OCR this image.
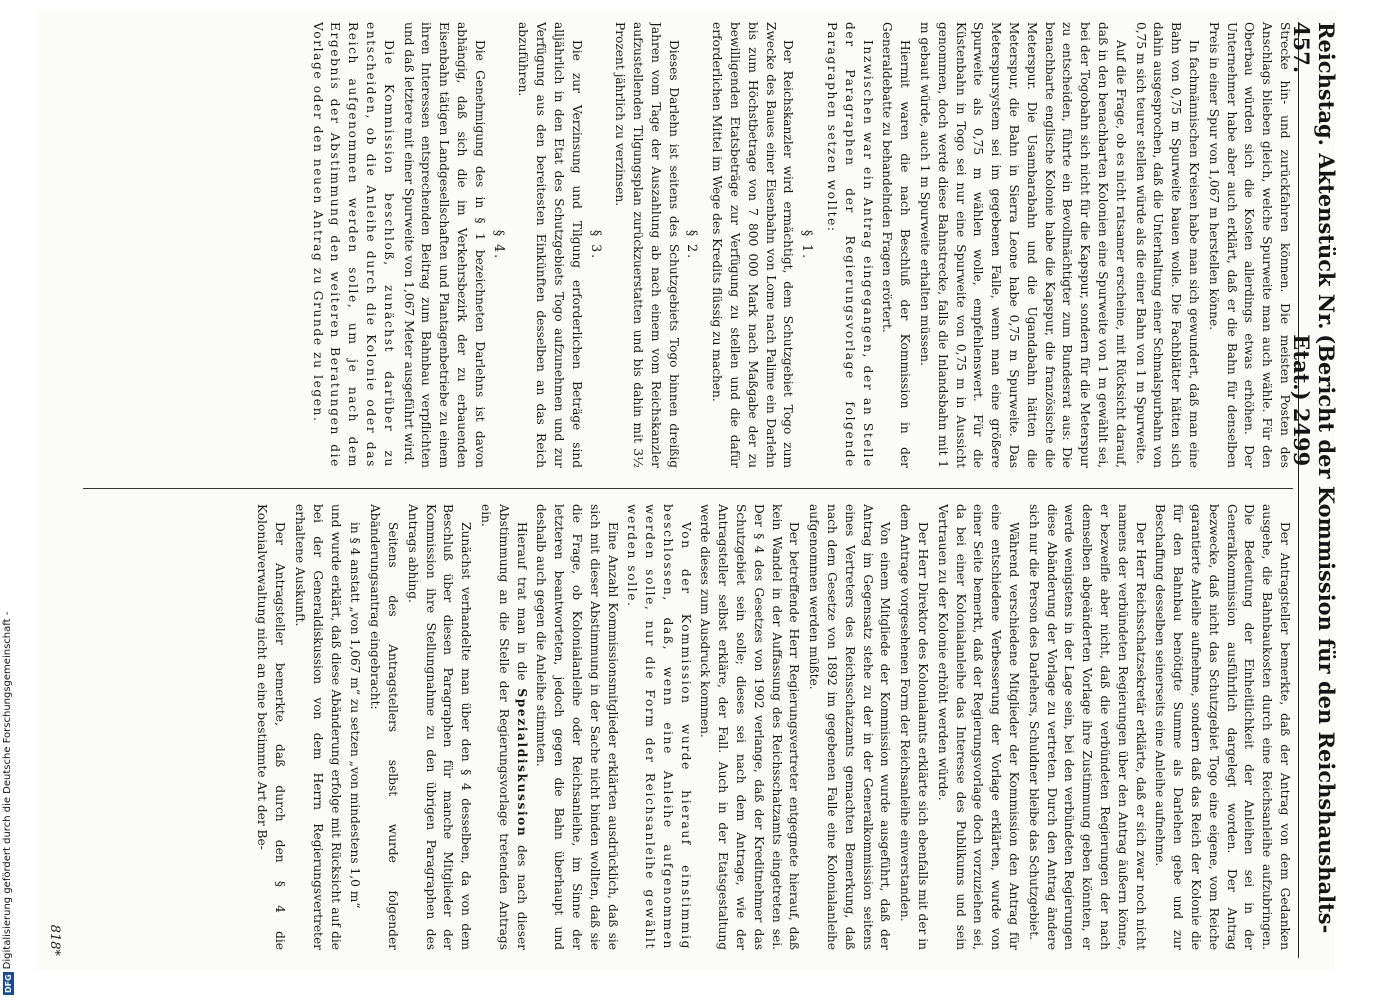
DFG
Digitalisierung gefördert durch die Deutsche Forschungsgemeinschaft -
Reichstag. Aktenstück Nr. 457.
(Bericht der Kommission für den Reichshaushalts-Etat.) 2499

Strecke hin- und zurückfahren können. Die meisten Posten des Anschlags blieben gleich, welche Spurweite man auch wähle. Für den Oberbau würden sich die Kosten allerdings etwas erhöhen. Der Unternehmer habe aber auch erklärt, daß er die Bahn für denselben Preis in einer Spur von 1,067 m herstellen könne.

In fachmännischen Kreisen habe man sich gewundert, daß man eine Bahn von 0,75 m Spurweite bauen wolle. Die Fachblätter hätten sich dahin ausgesprochen, daß die Unterhaltung einer Schmalspurbahn von 0,75 m sich teurer stellen würde als die einer Bahn von 1 m Spurweite.

Auf die Frage, ob es nicht ratsamer erscheine, mit Rücksicht darauf, daß in den benachbarten Kolonien eine Spurweite von 1 m gewählt sei, bei der Togobahn sich nicht für die Kapspur, sondern für die Meterspur zu entscheiden, führte ein Bevollmächtigter zum Bundesrat aus: Die benachbarte englische Kolonie habe die Kapspur, die französische die Meterspur. Die Usambarabahn und die Ugandabahn hätten die Meterspur, die Bahn in Sierra Leone habe 0,75 m Spurweite. Das Meterspursystem sei im gegebenen Falle, wenn man eine größere Spurweite als 0,75 m wählen wolle, empfehlenswert. Für die Küstenbahn in Togo sei nur eine Spurweite von 0,75 m in Aussicht genommen, doch werde diese Bahnstrecke, falls die Inlandsbahn mit 1 m gebaut würde, auch 1 m Spurweite erhalten müssen.

Hiermit waren die nach Beschluß der Kommission in der Generaldebatte zu behandelnden Fragen erörtert.

Inzwischen war ein Antrag eingegangen, der an Stelle der Paragraphen der Regierungsvorlage folgende Paragraphen setzen wollte:

§ 1.

Der Reichskanzler wird ermächtigt, dem Schutzgebiet Togo zum Zwecke des Baues einer Eisenbahn von Lome nach Palime ein Darlehn bis zum Höchstbetrage von 7 800 000 Mark nach Maßgabe der zu bewilligenden Etatsbeträge zur Verfügung zu stellen und die dafür erforderlichen Mittel im Wege des Kredits flüssig zu machen.

§ 2.

Dieses Darlehn ist seitens des Schutzgebiets Togo binnen dreißig Jahren vom Tage der Auszahlung ab nach einem vom Reichskanzler aufzustellenden Tilgungsplan zurückzuerstatten und bis dahin mit 3½ Prozent jährlich zu verzinsen.

§ 3.

Die zur Verzinsung und Tilgung erforderlichen Beträge sind alljährlich in den Etat des Schutzgebiets Togo aufzunehmen und zur Verfügung aus den bereitesten Einkünften desselben an das Reich abzuführen.

§ 4.

Die Genehmigung des in § 1 bezeichneten Darlehns ist davon abhängig, daß sich die im Verkehrsbezirk der zu erbauenden Eisenbahn tätigen Landgesellschaften und Plantagenbetriebe zu einem ihren Interessen entsprechenden Beitrag zum Bahnbau verpflichten und daß letztere mit einer Spurweite von 1,067 Meter ausgeführt wird.

Die Kommission beschloß, zunächst darüber zu entscheiden, ob die Anleihe durch die Kolonie oder das Reich aufgenommen werden solle, um je nach dem Ergebnis der Abstimmung den weiteren Beratungen die Vorlage oder den neuen Antrag zu Grunde zu legen.

Der Antragsteller bemerkte, daß der Antrag von dem Gedanken ausgehe, die Bahnbaukosten durch eine Reichsanleihe aufzubringen. Die Bedeutung der Einheitlichkeit der Anleihen sei in der Generalkommission ausführlich dargelegt worden. Der Antrag bezwecke, daß nicht das Schutzgebiet Togo eine eigene, vom Reiche garantierte Anleihe aufnehme, sondern daß das Reich der Kolonie die für den Bahnbau benötigte Summe als Darlehen gebe und zur Beschaffung desselben seinerseits eine Anleihe aufnehme.

Der Herr Reichsschatzsekretär erklärte, daß er sich zwar noch nicht namens der verbündeten Regierungen über den Antrag äußern könne, er bezweifle aber nicht, daß die verbündeten Regierungen der nach demselben abgeänderten Vorlage ihre Zustimmung geben könnten, er werde wenigstens in der Lage sein, bei den verbündeten Regierungen diese Abänderung der Vorlage zu vertreten. Durch den Antrag ändere sich nur die Person des Darlehers, Schuldner bleibe das Schutzgebiet.

Während verschiedene Mitglieder der Kommission den Antrag für eine entschiedene Verbesserung der Vorlage erklärten, wurde von einer Seite bemerkt, daß der Regierungsvorlage doch vorzuziehen sei, da bei einer Kolonialanleihe das Interesse des Publikums und sein Vertrauen zu der Kolonie erhöht werden würde.

Der Herr Direktor des Kolonialamts erklärte sich ebenfalls mit der in dem Antrage vorgesehenen Form der Reichsanleihe einverstanden.

Von einem Mitgliede der Kommission wurde ausgeführt, daß der Antrag im Gegensatz stehe zu der in der Generalkommission seitens eines Vertreters des Reichsschatzamts gemachten Bemerkung, daß nach dem Gesetze von 1892 im gegebenen Falle eine Kolonialanleihe aufgenommen werden müßte.

Der betreffende Herr Regierungsvertreter entgegnete hierauf, daß kein Wandel in der Auffassung des Reichsschatzamts eingetreten sei. Der § 4 des Gesetzes von 1902 verlange, daß der Kreditnehmer das Schutzgebiet sein solle; dieses sei nach dem Antrage, wie der Antragsteller selbst erkläre, der Fall. Auch in der Etatsgestaltung werde dieses zum Ausdruck kommen.

Von der Kommission wurde hierauf einstimmig beschlossen, daß, wenn eine Anleihe aufgenommen werden solle, nur die Form der Reichsanleihe gewählt werden solle.

Eine Anzahl Kommissionsmitglieder erklärten ausdrücklich, daß sie sich mit dieser Abstimmung in der Sache nicht binden wollten, daß sie die Frage, ob Kolonialanleihe oder Reichsanleihe, im Sinne der letzteren beantworteten, jedoch gegen die Bahn überhaupt und deshalb auch gegen die Anleihe stimmten.

Hierauf trat man in die Spezialdiskussion des nach dieser Abstimmung an die Stelle der Regierungsvorlage tretenden Antrags ein.

Zunächst verhandelte man über den § 4 desselben, da von dem Beschluß über diesen Paragraphen für manche Mitglieder der Kommission ihre Stellungnahme zu den übrigen Paragraphen des Antrags abhing.

Seitens des Antragstellers selbst wurde folgender Abänderungsantrag eingebracht:

in § 4 anstatt „von 1,067 m“ zu setzen „von mindestens 1,0 m“

und wurde erklärt, daß diese Abänderung erfolge mit Rücksicht auf die bei der Generaldiskussion von dem Herrn Regierungsvertreter erhaltene Auskunft.

Der Antragsteller bemerkte, daß durch den § 4 die Kolonialverwaltung nicht an eine bestimmte Art der Be-

818*
